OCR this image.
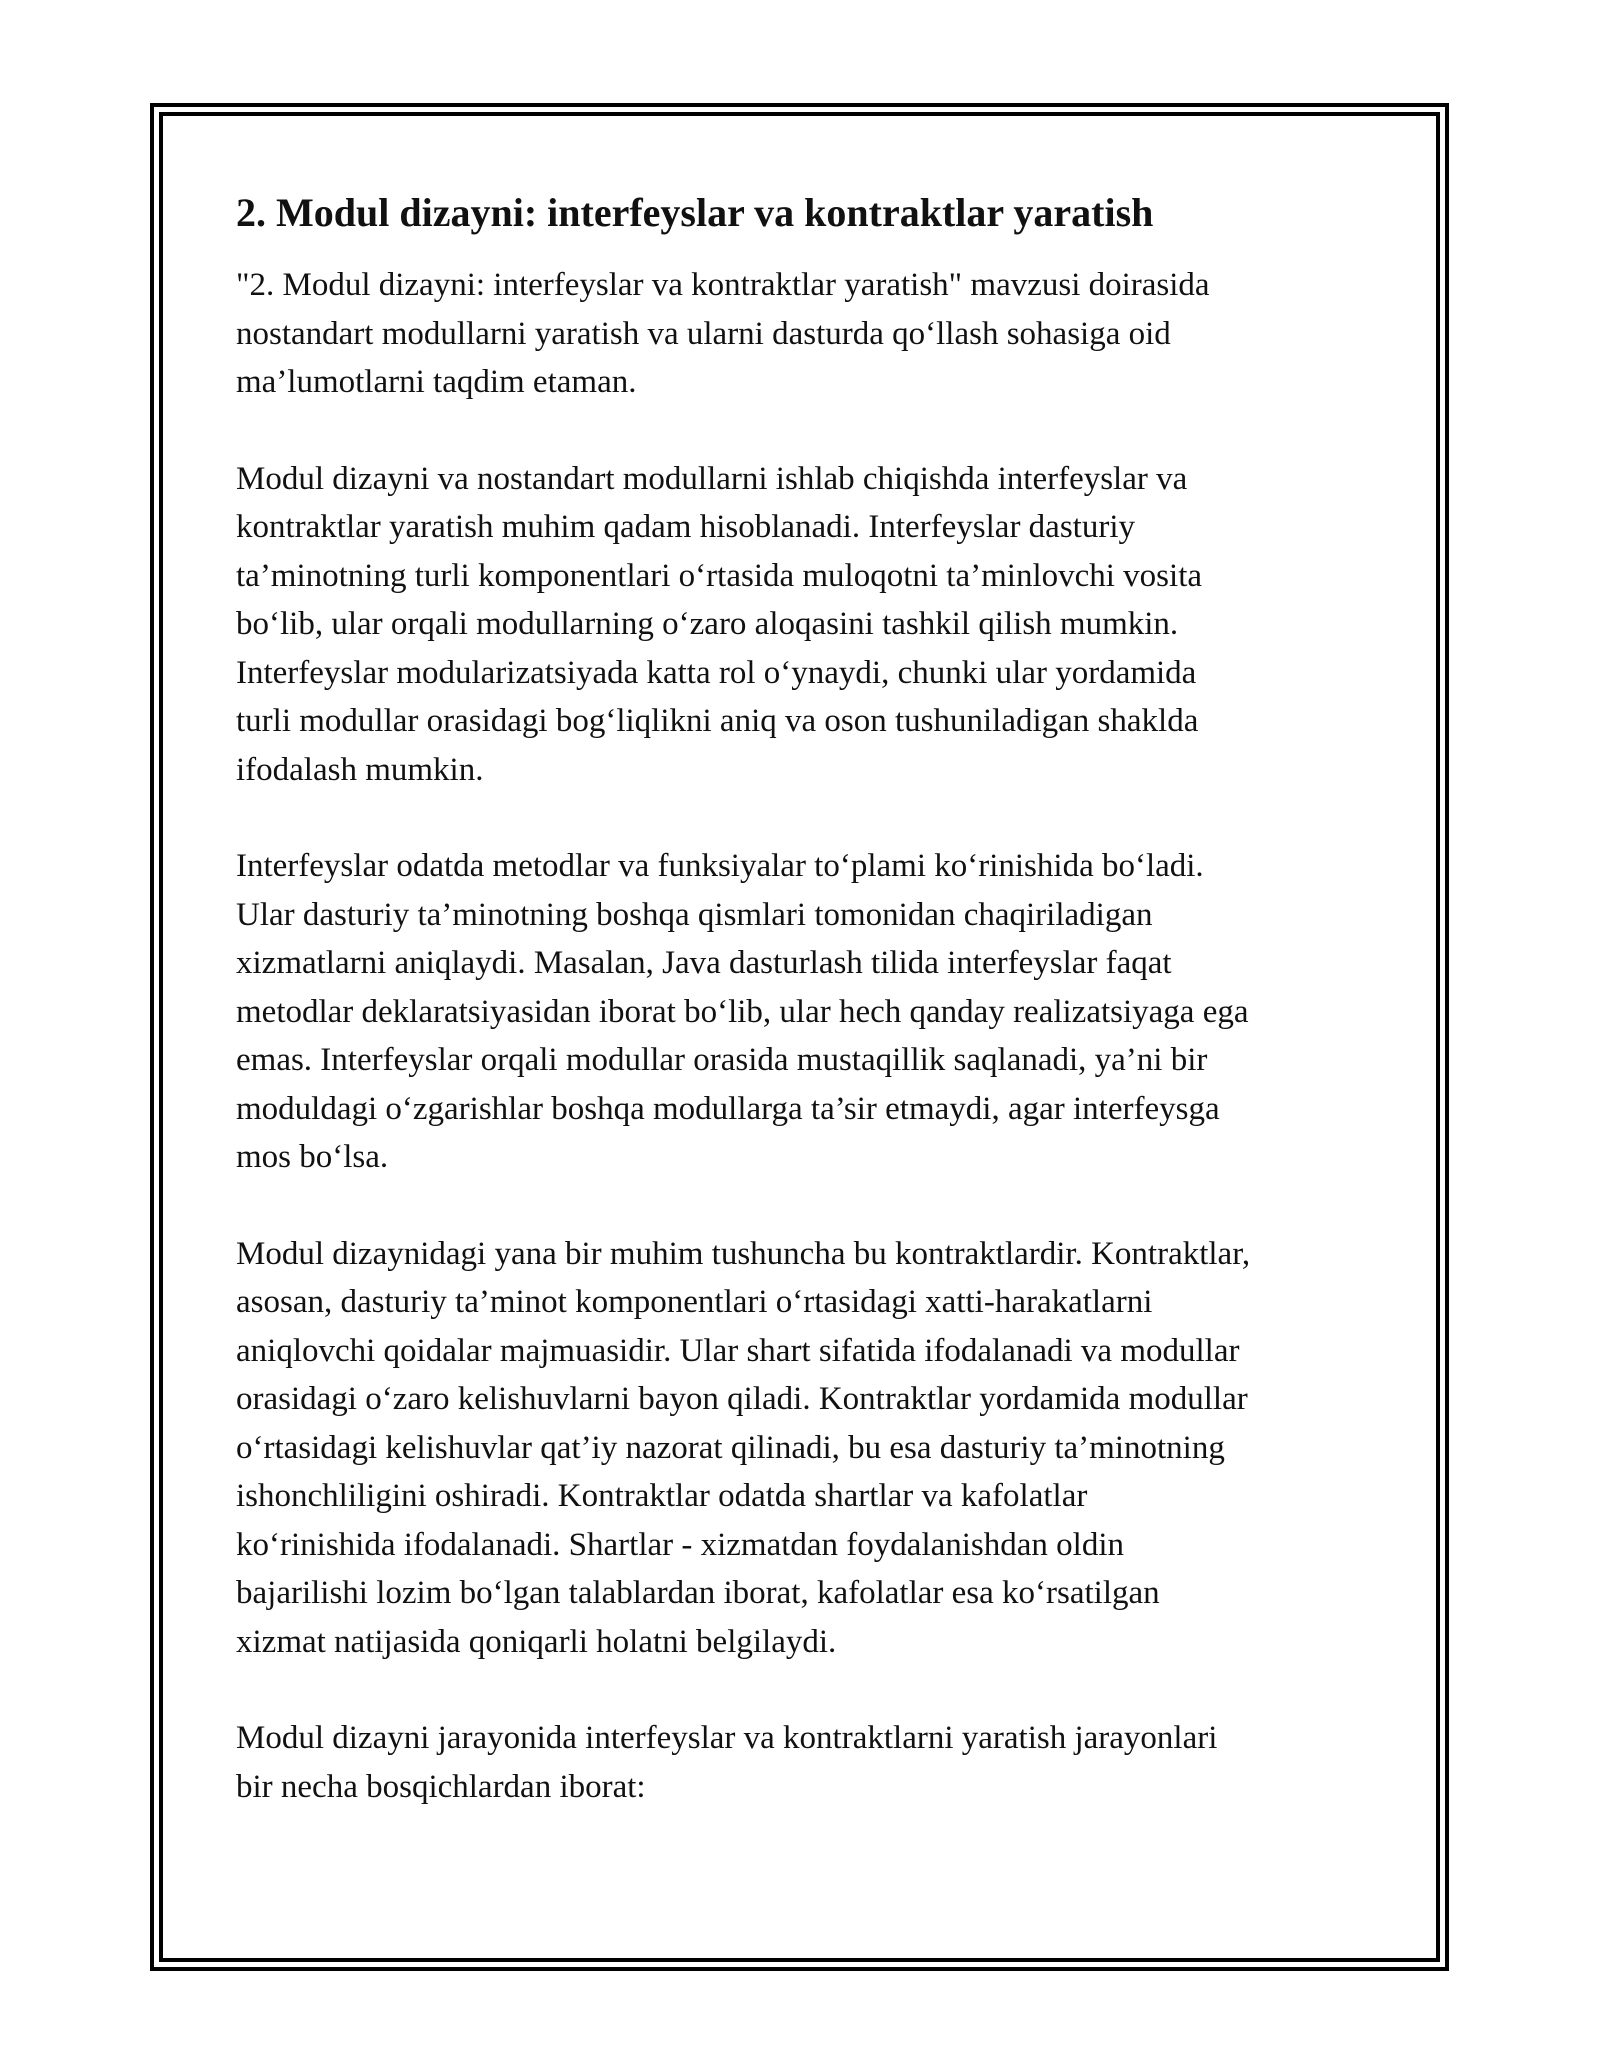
2. Modul dizayni: interfeyslar va kontraktlar yaratish

"2. Modul dizayni: interfeyslar va kontraktlar yaratish" mavzusi doirasida
nostandart modullarni yaratish va ularni dasturda qo‘llash sohasiga oid
ma’lumotlarni taqdim etaman.

Modul dizayni va nostandart modullarni ishlab chiqishda interfeyslar va
kontraktlar yaratish muhim qadam hisoblanadi. Interfeyslar dasturiy
ta’minotning turli komponentlari o‘rtasida muloqotni ta’minlovchi vosita
bo‘lib, ular orqali modullarning o‘zaro aloqasini tashkil qilish mumkin.
Interfeyslar modularizatsiyada katta rol o‘ynaydi, chunki ular yordamida
turli modullar orasidagi bog‘liqlikni aniq va oson tushuniladigan shaklda
ifodalash mumkin.

Interfeyslar odatda metodlar va funksiyalar to‘plami ko‘rinishida bo‘ladi.
Ular dasturiy ta’minotning boshqa qismlari tomonidan chaqiriladigan
xizmatlarni aniqlaydi. Masalan, Java dasturlash tilida interfeyslar faqat
metodlar deklaratsiyasidan iborat bo‘lib, ular hech qanday realizatsiyaga ega
emas. Interfeyslar orqali modullar orasida mustaqillik saqlanadi, ya’ni bir
moduldagi o‘zgarishlar boshqa modullarga ta’sir etmaydi, agar interfeysga
mos bo‘lsa.

Modul dizaynidagi yana bir muhim tushuncha bu kontraktlardir. Kontraktlar,
asosan, dasturiy ta’minot komponentlari o‘rtasidagi xatti-harakatlarni
aniqlovchi qoidalar majmuasidir. Ular shart sifatida ifodalanadi va modullar
orasidagi o‘zaro kelishuvlarni bayon qiladi. Kontraktlar yordamida modullar
o‘rtasidagi kelishuvlar qat’iy nazorat qilinadi, bu esa dasturiy ta’minotning
ishonchliligini oshiradi. Kontraktlar odatda shartlar va kafolatlar
ko‘rinishida ifodalanadi. Shartlar - xizmatdan foydalanishdan oldin
bajarilishi lozim bo‘lgan talablardan iborat, kafolatlar esa ko‘rsatilgan
xizmat natijasida qoniqarli holatni belgilaydi.

Modul dizayni jarayonida interfeyslar va kontraktlarni yaratish jarayonlari
bir necha bosqichlardan iborat:
